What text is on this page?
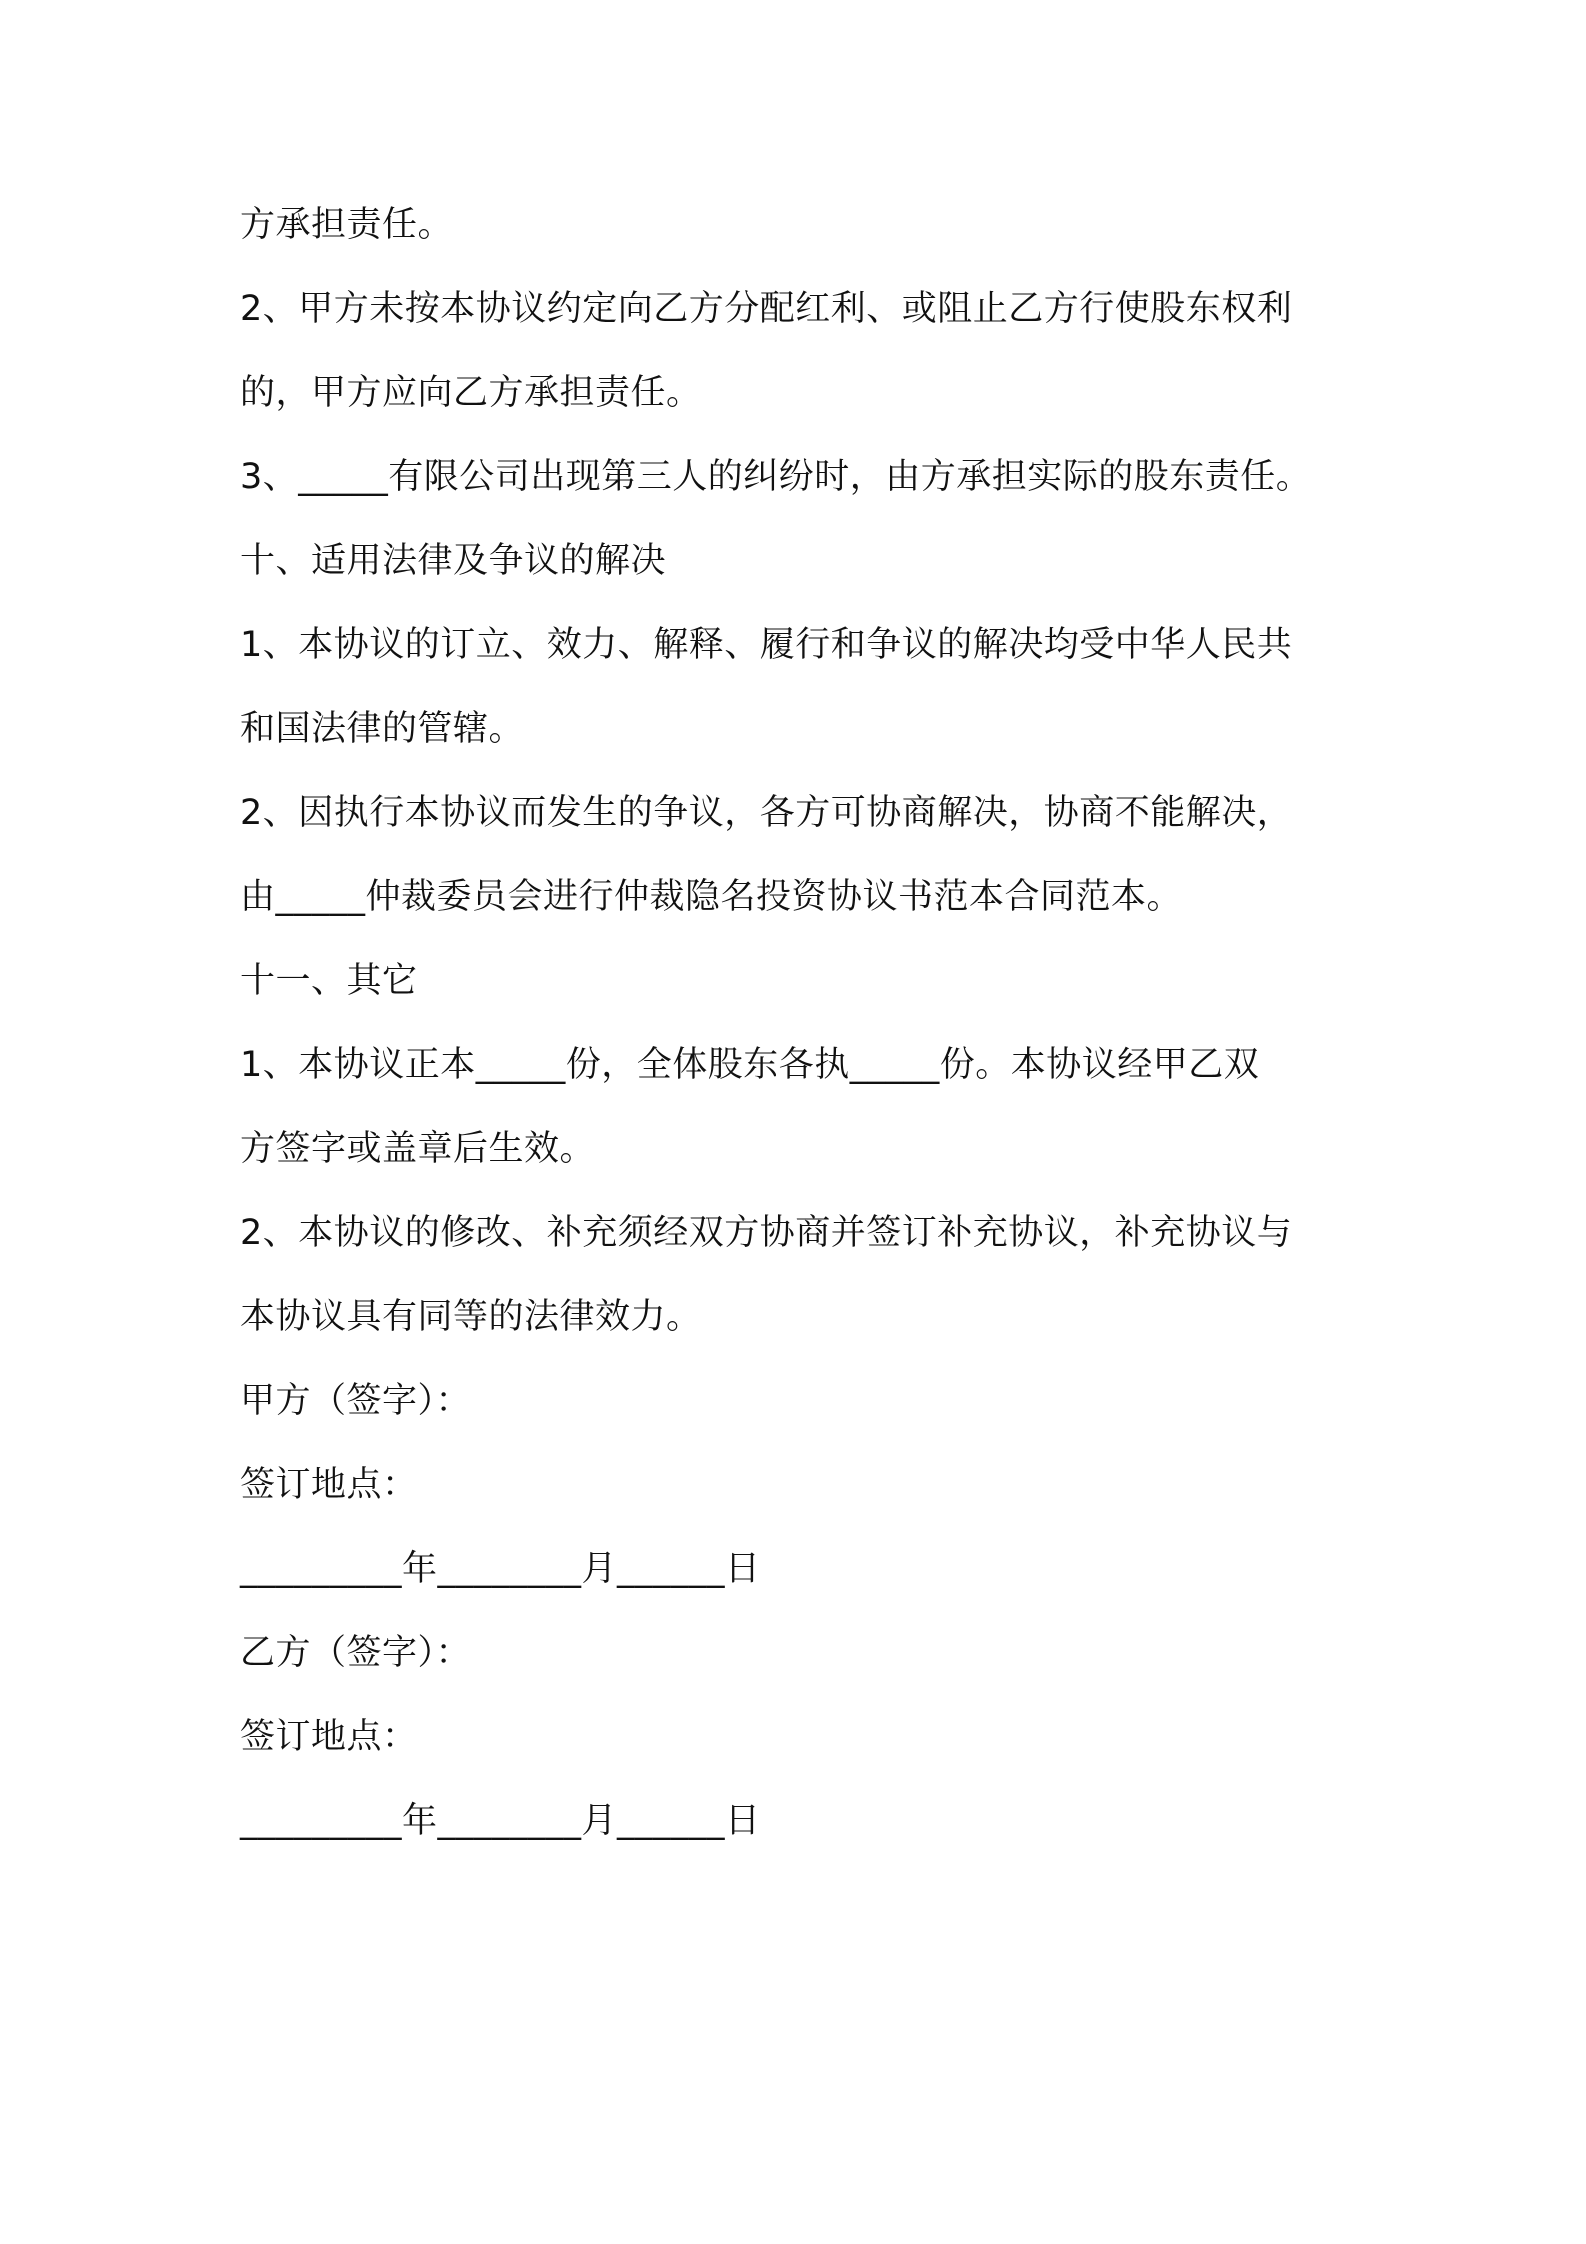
方承担责任。
2、甲方未按本协议约定向乙方分配红利、或阻止乙方行使股东权利
的，甲方应向乙方承担责任。
3、_____有限公司出现第三人的纠纷时，由方承担实际的股东责任。
十、适用法律及争议的解决
1、本协议的订立、效力、解释、履行和争议的解决均受中华人民共
和国法律的管辖。
2、因执行本协议而发生的争议，各方可协商解决，协商不能解决，
由_____仲裁委员会进行仲裁隐名投资协议书范本合同范本。
十一、其它
1、本协议正本_____份，全体股东各执_____份。本协议经甲乙双
方签字或盖章后生效。
2、本协议的修改、补充须经双方协商并签订补充协议，补充协议与
本协议具有同等的法律效力。
甲方（签字）：
签订地点：
_________年________月______日
乙方（签字）：
签订地点：
_________年________月______日
